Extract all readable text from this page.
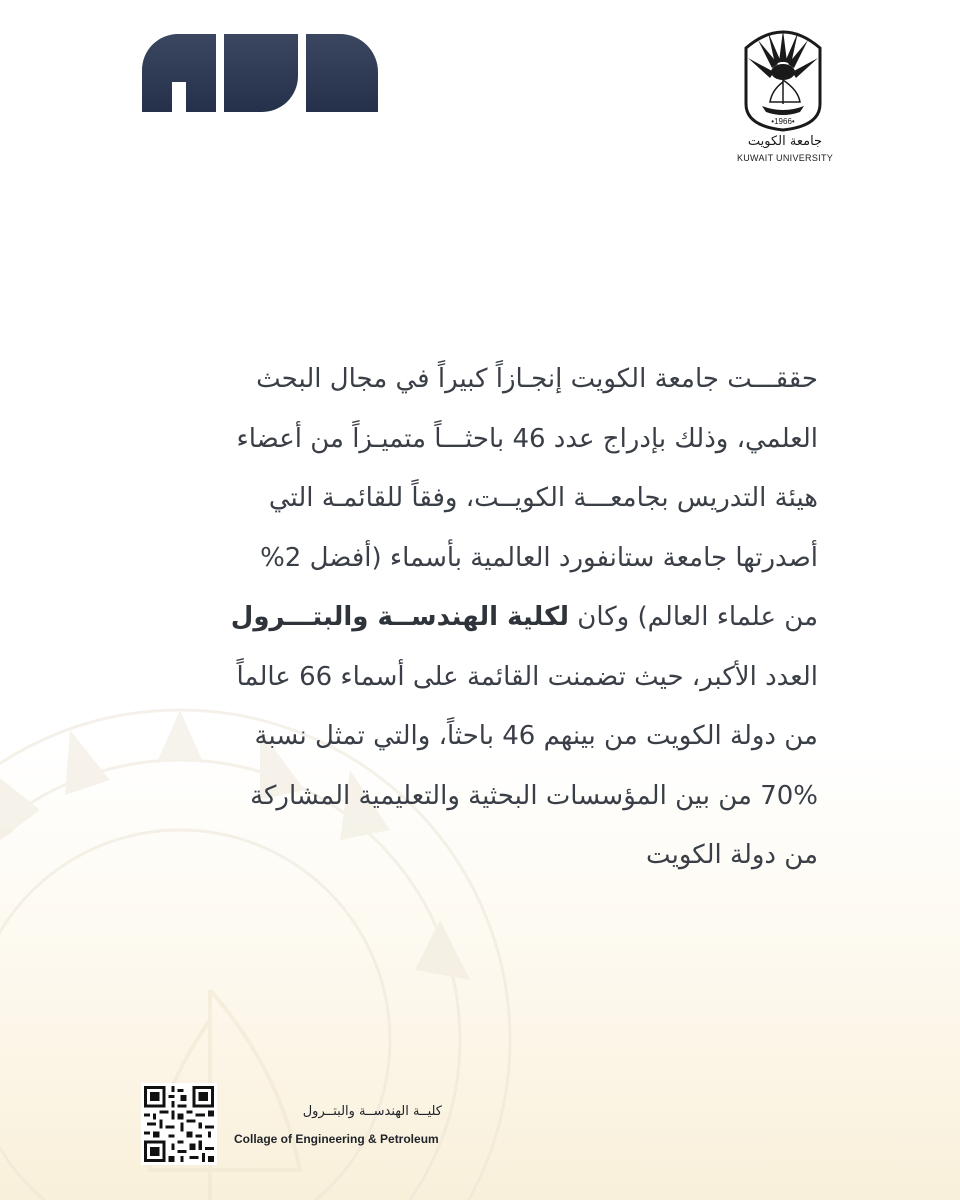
•1966•
جامعة الكويت
KUWAIT UNIVERSITY
حققـــت جامعة الكويت إنجـازاً كبيراً في مجال البحث
العلمي، وذلك بإدراج عدد 46 باحثـــاً متميـزاً من أعضاء
هيئة التدريس بجامعـــة الكويــت، وفقاً للقائمـة التي
أصدرتها جامعة ستانفورد العالمية بأسماء (أفضل 2%
من علماء العالم) وكان لكلية الهندســة والبتـــرول
العدد الأكبر، حيث تضمنت القائمة على أسماء 66 عالماً
من دولة الكويت من بينهم 46 باحثاً، والتي تمثل نسبة
70% من بين المؤسسات البحثية والتعليمية المشاركة
من دولة الكويت
كليــة الهندســة والبتــرول
Collage of Engineering & Petroleum
